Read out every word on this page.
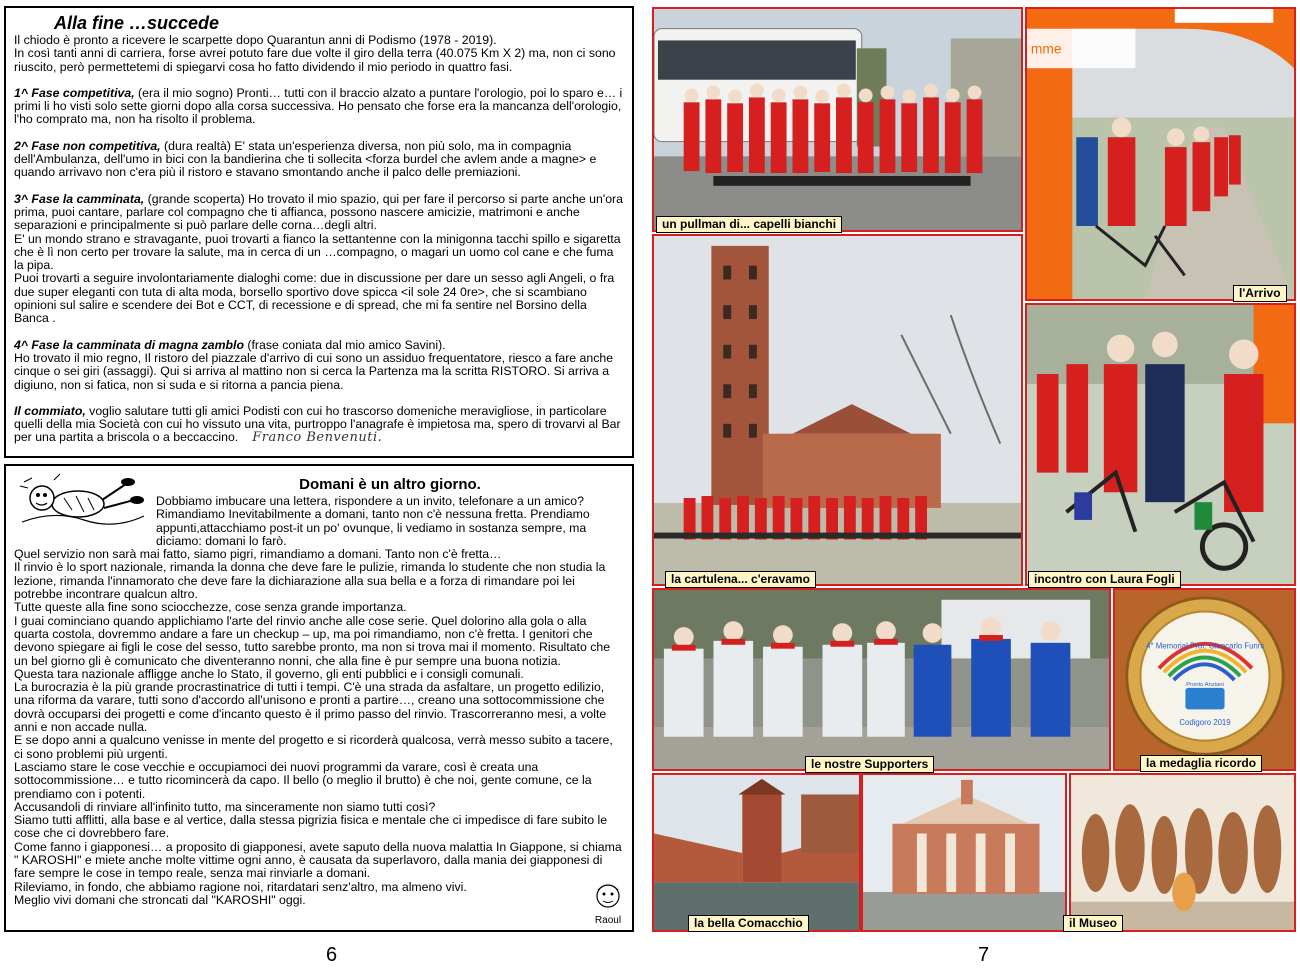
Alla fine …succede

Il chiodo è pronto a ricevere le scarpette dopo Quarantun anni di Podismo (1978 - 2019).

In così tanti anni di carriera, forse avrei potuto fare due volte il giro della terra (40.075 Km X 2) ma, non ci sono riuscito, però permettetemi di spiegarvi cosa ho fatto dividendo il mio periodo in quattro fasi.

1^ Fase competitiva, (era il mio sogno) Pronti… tutti con il braccio alzato a puntare l'orologio, poi lo sparo e… i primi li ho visti solo sette giorni dopo alla corsa successiva. Ho pensato che forse era la mancanza dell'orologio, l'ho comprato ma, non ha risolto il problema.

2^ Fase non competitiva, (dura realtà) E' stata un'esperienza diversa, non più solo, ma in compagnia dell'Ambulanza, dell'umo in bici con la bandierina che ti sollecita <forza burdel che avlem ande a magne> e quando arrivavo non c'era più il ristoro e stavano smontando anche il palco delle premiazioni.

3^ Fase la camminata, (grande scoperta) Ho trovato il mio spazio, qui per fare il percorso si parte anche un'ora prima, puoi cantare, parlare col compagno che ti affianca, possono nascere amicizie, matrimoni e anche separazioni e principalmente si può parlare delle corna…degli altri.

E' un mondo strano e stravagante, puoi trovarti a fianco la settantenne con la minigonna tacchi spillo e sigaretta che è lì non certo per trovare la salute, ma in cerca di un …compagno, o magari un uomo col cane e che fuma la pipa.

Puoi trovarti a seguire involontariamente dialoghi come: due in discussione per dare un sesso agli Angeli, o fra due super eleganti con tuta di alta moda, borsello sportivo dove spicca <il sole 24 0re>, che si scambiano opinioni sul salire e scendere dei Bot e CCT, di recessione e di spread, che mi fa sentire nel Borsino della Banca .

4^ Fase la camminata di magna zamblo (frase coniata dal mio amico Savini).

Ho trovato il mio regno, Il ristoro del piazzale d'arrivo di cui sono un assiduo frequentatore, riesco a fare anche cinque o sei giri (assaggi). Qui si arriva al mattino non si cerca la Partenza ma la scritta RISTORO. Si arriva a digiuno, non si fatica, non si suda e si ritorna a pancia piena.

Il commiato, voglio salutare tutti gli amici Podisti con cui ho trascorso domeniche meravigliose, in particolare quelli della mia Società con cui ho vissuto una vita, purtroppo l'anagrafe è impietosa ma, spero di trovarvi al Bar per una partita a briscola o a beccaccino. Franco Benvenuti.

Domani è un altro giorno.

Dobbiamo imbucare una lettera, rispondere a un invito, telefonare a un amico? Rimandiamo Inevitabilmente a domani, tanto non c'è nessuna fretta. Prendiamo appunti,attacchiamo post-it un po' ovunque, li vediamo in sostanza sempre, ma diciamo: domani lo farò.

Quel servizio non sarà mai fatto, siamo pigri, rimandiamo a domani. Tanto non c'è fretta…

Il rinvio è lo sport nazionale, rimanda la donna che deve fare le pulizie, rimanda lo studente che non studia la lezione, rimanda l'innamorato che deve fare la dichiarazione alla sua bella e a forza di rimandare poi lei potrebbe incontrare qualcun altro.

Tutte queste alla fine sono sciocchezze, cose senza grande importanza.

I guai cominciano quando applichiamo l'arte del rinvio anche alle cose serie. Quel dolorino alla gola o alla quarta costola, dovremmo andare a fare un checkup – up, ma poi rimandiamo, non c'è fretta. I genitori che devono spiegare ai figli le cose del sesso, tutto sarebbe pronto, ma non si trova mai il momento. Risultato che un bel giorno gli è comunicato che diventeranno nonni, che alla fine è pur sempre una buona notizia.

Questa tara nazionale affligge anche lo Stato, il governo, gli enti pubblici e i consigli comunali.

La burocrazia è la più grande procrastinatrice di tutti i tempi. C'è una strada da asfaltare, un progetto edilizio, una riforma da varare, tutti sono d'accordo all'unisono e pronti a partire…, creano una sottocommissione che dovrà occuparsi dei progetti e come d'incanto questo è il primo passo del rinvio. Trascorreranno mesi, a volte anni e non accade nulla.

E se dopo anni a qualcuno venisse in mente del progetto e si ricorderà qualcosa, verrà messo subito a tacere, ci sono problemi più urgenti.

Lasciamo stare le cose vecchie e occupiamoci dei nuovi programmi da varare, così è creata una sottocommissione… e tutto ricomincerà da capo. Il bello (o meglio il brutto) è che noi, gente comune, ce la prendiamo con i potenti.

Accusandoli di rinviare all'infinito tutto, ma sinceramente non siamo tutti così?

Siamo tutti afflitti, alla base e al vertice, dalla stessa pigrizia fisica e mentale che ci impedisce di fare subito le cose che ci dovrebbero fare.

Come fanno i giapponesi… a proposito di giapponesi, avete saputo della nuova malattia In Giappone, si chiama " KAROSHI" e miete anche molte vittime ogni anno, è causata da superlavoro, dalla mania dei giapponesi di fare sempre le cose in tempo reale, senza mai rinviarle a domani.

Rileviamo, in fondo, che abbiamo ragione noi, ritardatari senz'altro, ma almeno vivi.

Meglio vivi domani che stroncati dal "KAROSHI" oggi.

Raoul
6	7
un pullman di... capelli bianchi
mme
l'Arrivo
la cartulena... c'eravamo	incontro con Laura Fogli
le nostre Supporters
4° Memorial Prof. Giancarlo Furini
Pronto Anziani
Codigoro 2019
la medaglia ricordo
la bella Comacchio	il Museo
